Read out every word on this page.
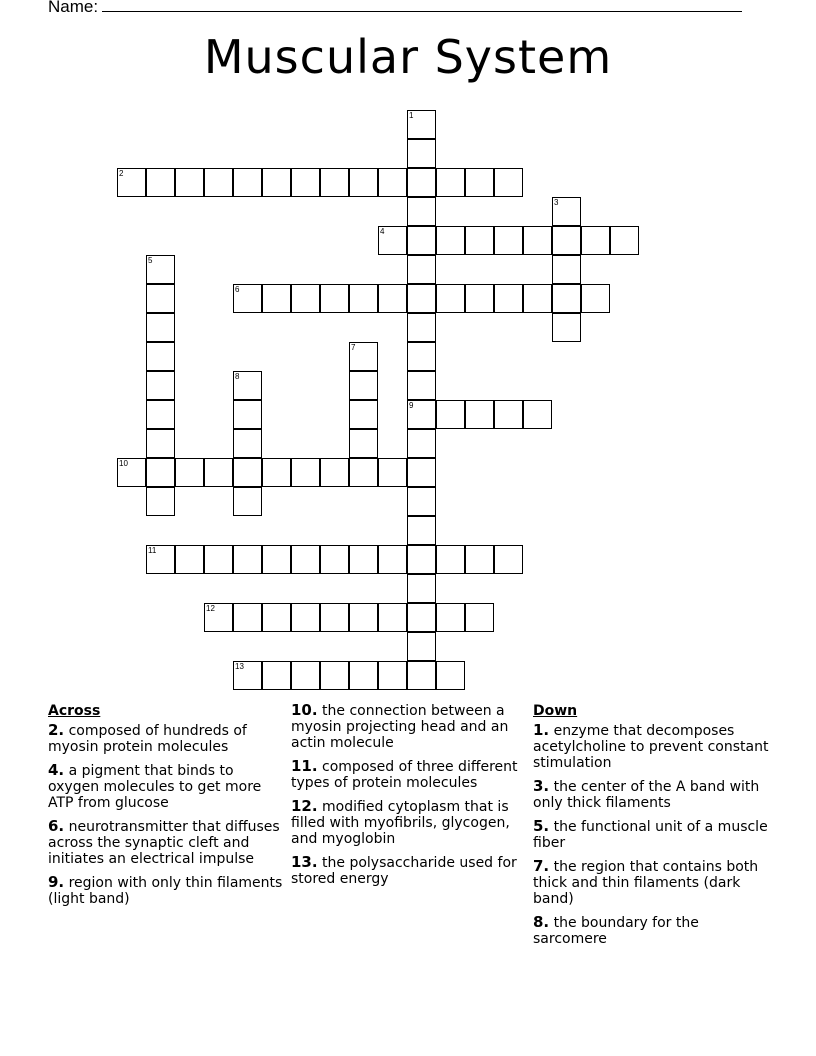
Name:
Muscular System
1
9
2
3
4
5
6
7
8
10
11
12
13
Across
2. composed of hundreds of myosin protein molecules
4. a pigment that binds to oxygen molecules to get more ATP from glucose
6. neurotransmitter that diffuses across the synaptic cleft and initiates an electrical impulse
9. region with only thin filaments (light band)
10. the connection between a myosin projecting head and an actin molecule
11. composed of three different types of protein molecules
12. modified cytoplasm that is filled with myofibrils, glycogen, and myoglobin
13. the polysaccharide used for stored energy
Down
1. enzyme that decomposes acetylcholine to prevent constant stimulation
3. the center of the A band with only thick filaments
5. the functional unit of a muscle fiber
7. the region that contains both thick and thin filaments (dark band)
8. the boundary for the sarcomere
